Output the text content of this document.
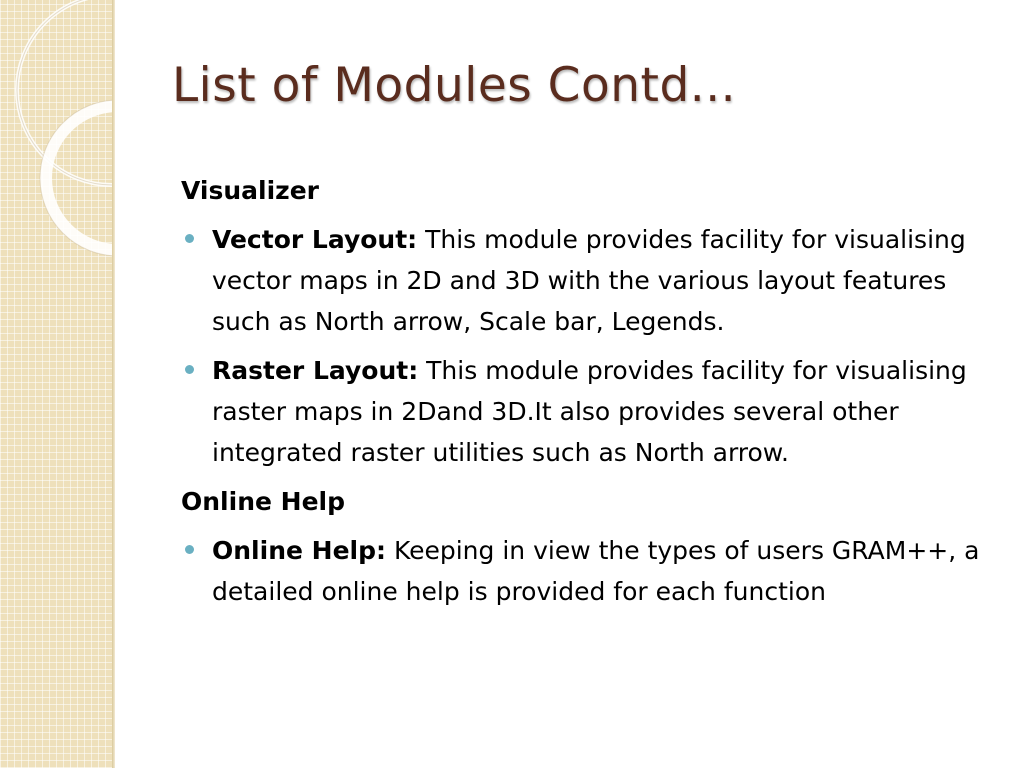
List of Modules Contd...
Visualizer
Vector Layout: This module provides facility for visualising vector maps in 2D and 3D with the various layout features such as North arrow, Scale bar, Legends.
Raster Layout: This module provides facility for visualising raster maps in 2Dand 3D.It also provides several other integrated raster utilities such as North arrow.
Online Help
Online Help: Keeping in view the types of users GRAM++, a detailed online help is provided for each function
